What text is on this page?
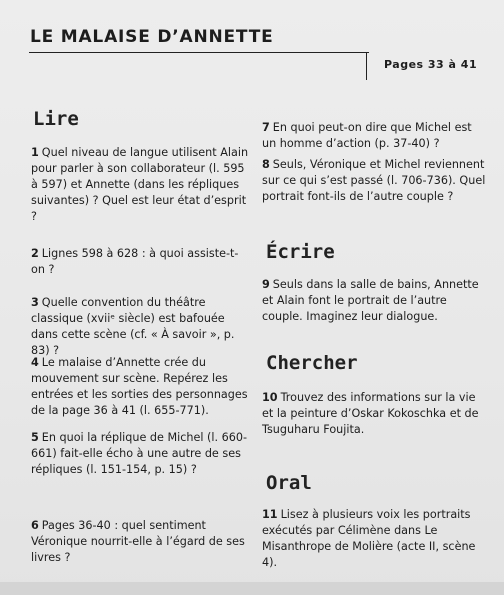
LE MALAISE D’ANNETTE
Pages 33 à 41
Lire

1 Quel niveau de langue utilisent Alain pour parler à son collaborateur (l. 595 à 597) et Annette (dans les répliques suivantes) ? Quel est leur état d’esprit ?

2 Lignes 598 à 628 : à quoi assiste-t-on ?

3 Quelle convention du théâtre classique (xviiᵉ siècle) est bafouée dans cette scène (cf. « À savoir », p. 83) ?

4 Le malaise d’Annette crée du mouvement sur scène. Repérez les entrées et les sorties des personnages de la page 36 à 41 (l. 655-771).

5 En quoi la réplique de Michel (l. 660-661) fait-elle écho à une autre de ses répliques (l. 151-154, p. 15) ?

6 Pages 36-40 : quel sentiment Véronique nourrit-elle à l’égard de ses livres ?

7 En quoi peut-on dire que Michel est un homme d’action (p. 37-40) ?

8 Seuls, Véronique et Michel reviennent sur ce qui s’est passé (l. 706-736). Quel portrait font-ils de l’autre couple ?

Écrire

9 Seuls dans la salle de bains, Annette et Alain font le portrait de l’autre couple. Imaginez leur dialogue.

Chercher

10 Trouvez des informations sur la vie et la peinture d’Oskar Kokoschka et de Tsuguharu Foujita.

Oral

11 Lisez à plusieurs voix les portraits exécutés par Célimène dans Le Misanthrope de Molière (acte II, scène 4).
